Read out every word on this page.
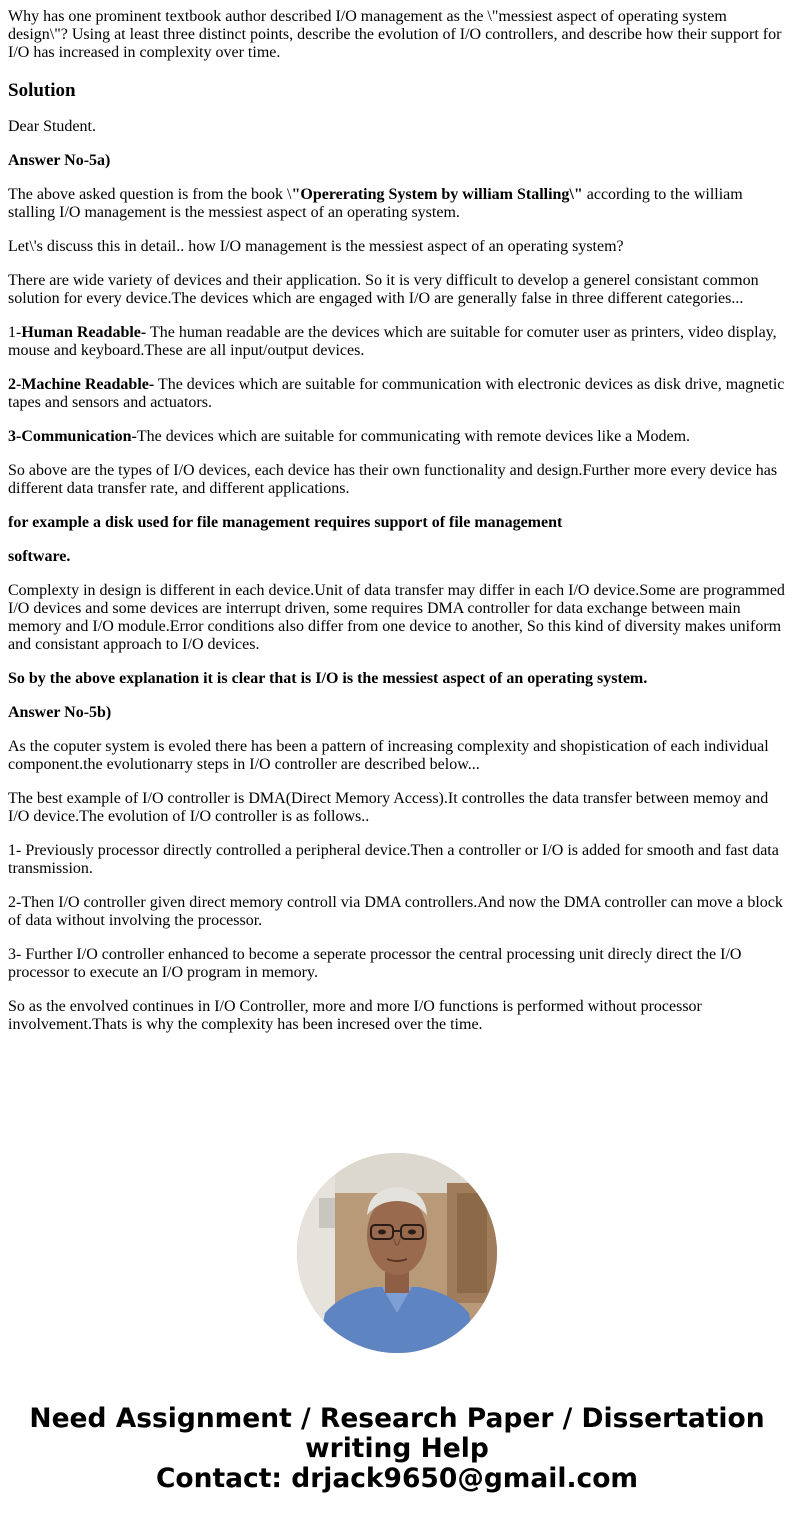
Why has one prominent textbook author described I/O management as the \"messiest aspect of operating system design\"? Using at least three distinct points, describe the evolution of I/O controllers, and describe how their support for I/O has increased in complexity over time.

Solution

Dear Student.

Answer No-5a)

The above asked question is from the book \"Opererating System by william Stalling\" according to the william stalling I/O management is the messiest aspect of an operating system.

Let\'s discuss this in detail.. how I/O management is the messiest aspect of an operating system?

There are wide variety of devices and their application. So it is very difficult to develop a generel consistant common solution for every device.The devices which are engaged with I/O are generally false in three different categories...

1-Human Readable- The human readable are the devices which are suitable for comuter user as printers, video display, mouse and keyboard.These are all input/output devices.

2-Machine Readable- The devices which are suitable for communication with electronic devices as disk drive, magnetic tapes and sensors and actuators.

3-Communication-The devices which are suitable for communicating with remote devices like a Modem.

So above are the types of I/O devices, each device has their own functionality and design.Further more every device has different data transfer rate, and different applications.

for example a disk used for file management requires support of file management

software.

Complexty in design is different in each device.Unit of data transfer may differ in each I/O device.Some are programmed I/O devices and some devices are interrupt driven, some requires DMA controller for data exchange between main memory and I/O module.Error conditions also differ from one device to another, So this kind of diversity makes uniform and consistant approach to I/O devices.

So by the above explanation it is clear that is I/O is the messiest aspect of an operating system.

Answer No-5b)

As the coputer system is evoled there has been a pattern of increasing complexity and shopistication of each individual component.the evolutionarry steps in I/O controller are described below...

The best example of I/O controller is DMA(Direct Memory Access).It controlles the data transfer between memoy and I/O device.The evolution of I/O controller is as follows..

1- Previously processor directly controlled a peripheral device.Then a controller or I/O is added for smooth and fast data transmission.

2-Then I/O controller given direct memory controll via DMA controllers.And now the DMA controller can move a block of data without involving the processor.

3- Further I/O controller enhanced to become a seperate processor the central processing unit direcly direct the I/O processor to execute an I/O program in memory.

So as the envolved continues in I/O Controller, more and more I/O functions is performed without processor involvement.Thats is why the complexity has been incresed over the time.

Need Assignment / Research Paper / Dissertation
writing Help
Contact: drjack9650@gmail.com
